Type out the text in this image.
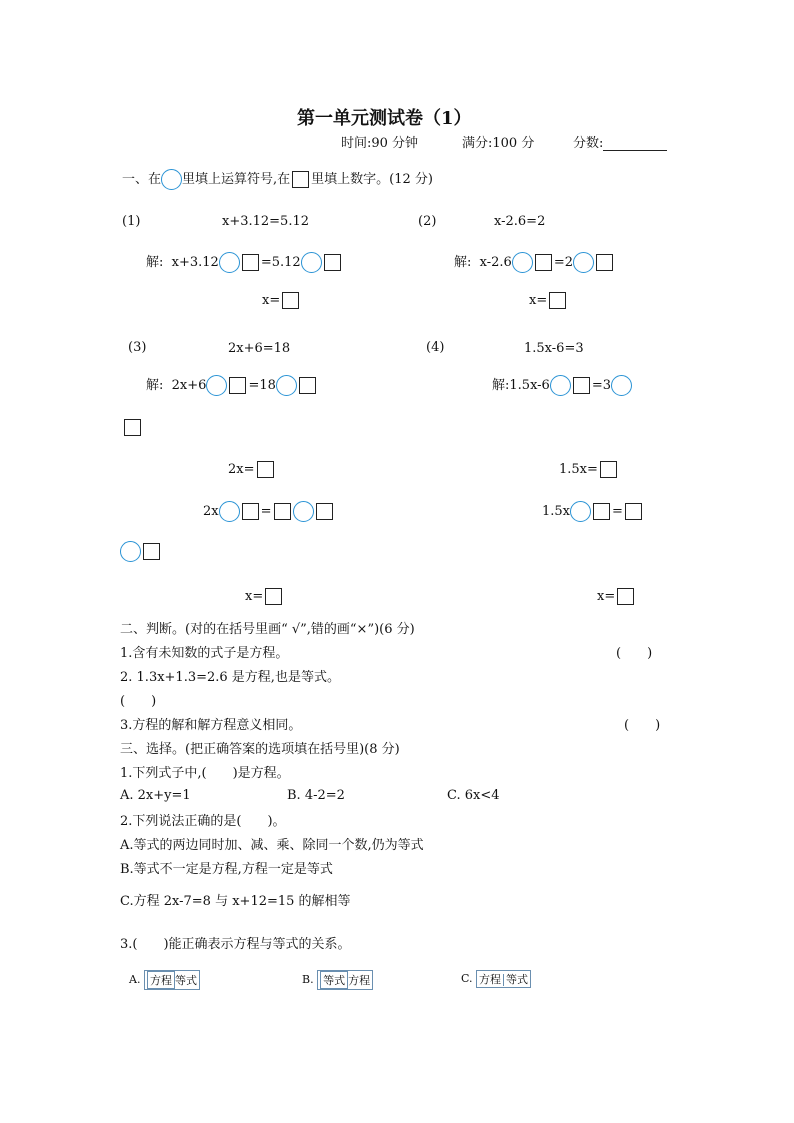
第一单元测试卷（1）
时间:90 分钟	满分:100 分	分数:
一、在 里填上运算符号,在 里填上数字。(12 分)
(1)	x+3.12=5.12
解: x+3.12	=5.12
x=
(2)	x-2.6=2
解: x-2.6	=2
x=
(3)	2x+6=18
解: 2x+6	=18
2x=
2x	=
x=
(4)	1.5x-6=3
解:1.5x-6	=3
1.5x=
1.5x	=
x=
二、判断。(对的在括号里画“ √”,错的画“×”)(6 分)
1.含有未知数的式子是方程。	(　　)
2. 1.3x+1.3=2.6 是方程,也是等式。
(　　)
3.方程的解和解方程意义相同。	(　　)
三、选择。(把正确答案的选项填在括号里)(8 分)
1.下列式子中,(　　)是方程。
A. 2x+y=1	B. 4-2=2	C. 6x<4
2.下列说法正确的是(　　)。
A.等式的两边同时加、减、乘、除同一个数,仍为等式
B.等式不一定是方程,方程一定是等式
C.方程 2x-7=8 与 x+12=15 的解相等
3.(　　)能正确表示方程与等式的关系。
A. 方程 等式	B. 等式 方程	C. 方程 等式
